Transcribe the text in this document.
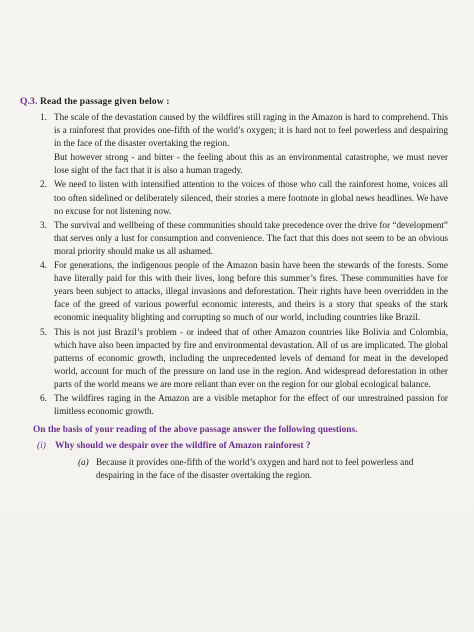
Q.3. Read the passage given below :
1. The scale of the devastation caused by the wildfires still raging in the Amazon is hard to comprehend. This is a rainforest that provides one-fifth of the world’s oxygen; it is hard not to feel powerless and despairing in the face of the disaster overtaking the region.

But however strong - and bitter - the feeling about this as an environmental catastrophe, we must never lose sight of the fact that it is also a human tragedy.

2. We need to listen with intensified attention to the voices of those who call the rainforest home, voices all too often sidelined or deliberately silenced, their stories a mere footnote in global news headlines. We have no excuse for not listening now.

3. The survival and wellbeing of these communities should take precedence over the drive for “development” that serves only a lust for consumption and convenience. The fact that this does not seem to be an obvious moral priority should make us all ashamed.

4. For generations, the indigenous people of the Amazon basin have been the stewards of the forests. Some have literally paid for this with their lives, long before this summer’s fires. These communities have for years been subject to attacks, illegal invasions and deforestation. Their rights have been overridden in the face of the greed of various powerful economic interests, and theirs is a story that speaks of the stark economic inequality blighting and corrupting so much of our world, including countries like Brazil.

5. This is not just Brazil’s problem - or indeed that of other Amazon countries like Bolivia and Colombia, which have also been impacted by fire and environmental devastation. All of us are implicated. The global patterns of economic growth, including the unprecedented levels of demand for meat in the developed world, account for much of the pressure on land use in the region. And widespread deforestation in other parts of the world means we are more reliant than ever on the region for our global ecological balance.

6. The wildfires raging in the Amazon are a visible metaphor for the effect of our unrestrained passion for limitless economic growth.

On the basis of your reading of the above passage answer the following questions.
(i) Why should we despair over the wildfire of Amazon rainforest ?
(a) Because it provides one-fifth of the world’s oxygen and hard not to feel powerless and despairing in the face of the disaster overtaking the region.
